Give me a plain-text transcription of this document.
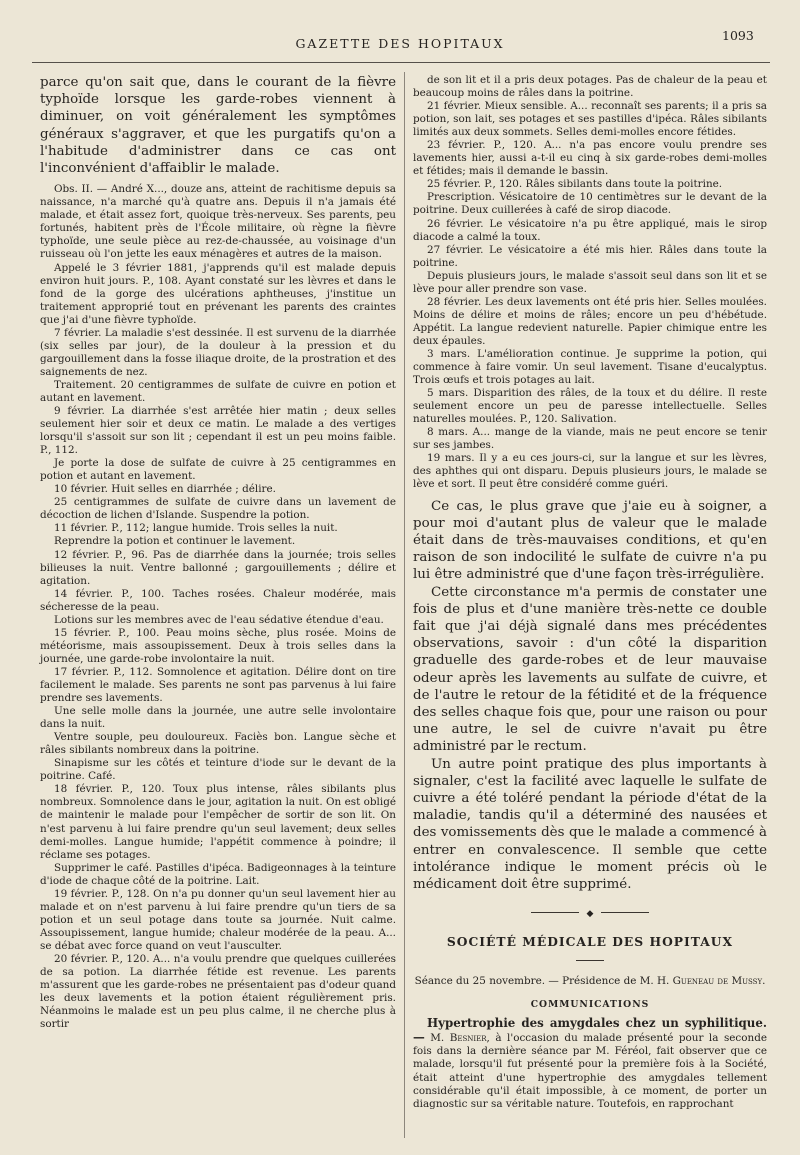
GAZETTE DES HOPITAUX
1093

parce qu'on sait que, dans le courant de la fièvre typhoïde lorsque les garde-robes viennent à diminuer, on voit généralement les symptômes généraux s'aggraver, et que les purgatifs qu'on a l'habitude d'administrer dans ce cas ont l'inconvénient d'affaiblir le malade.

Obs. II. — André X..., douze ans, atteint de rachitisme depuis sa naissance, n'a marché qu'à quatre ans. Depuis il n'a jamais été malade, et était assez fort, quoique très-nerveux. Ses parents, peu fortunés, habitent près de l'École militaire, où règne la fièvre typhoïde, une seule pièce au rez-de-chaussée, au voisinage d'un ruisseau où l'on jette les eaux ménagères et autres de la maison.

Appelé le 3 février 1881, j'apprends qu'il est malade depuis environ huit jours. P., 108. Ayant constaté sur les lèvres et dans le fond de la gorge des ulcérations aphtheuses, j'institue un traitement approprié tout en prévenant les parents des craintes que j'ai d'une fièvre typhoïde.

7 février. La maladie s'est dessinée. Il est survenu de la diarrhée (six selles par jour), de la douleur à la pression et du gargouillement dans la fosse iliaque droite, de la prostration et des saignements de nez.

Traitement. 20 centigrammes de sulfate de cuivre en potion et autant en lavement.

9 février. La diarrhée s'est arrêtée hier matin ; deux selles seulement hier soir et deux ce matin. Le malade a des vertiges lorsqu'il s'assoit sur son lit ; cependant il est un peu moins faible. P., 112.

Je porte la dose de sulfate de cuivre à 25 centigrammes en potion et autant en lavement.

10 février. Huit selles en diarrhée ; délire.

25 centigrammes de sulfate de cuivre dans un lavement de décoction de lichen d'Islande. Suspendre la potion.

11 février. P., 112; langue humide. Trois selles la nuit.

Reprendre la potion et continuer le lavement.

12 février. P., 96. Pas de diarrhée dans la journée; trois selles bilieuses la nuit. Ventre ballonné ; gargouillements ; délire et agitation.

14 février. P., 100. Taches rosées. Chaleur modérée, mais sécheresse de la peau.

Lotions sur les membres avec de l'eau sédative étendue d'eau.

15 février. P., 100. Peau moins sèche, plus rosée. Moins de météorisme, mais assoupissement. Deux à trois selles dans la journée, une garde-robe involontaire la nuit.

17 février. P., 112. Somnolence et agitation. Délire dont on tire facilement le malade. Ses parents ne sont pas parvenus à lui faire prendre ses lavements.

Une selle molle dans la journée, une autre selle involontaire dans la nuit.

Ventre souple, peu douloureux. Faciès bon. Langue sèche et râles sibilants nombreux dans la poitrine.

Sinapisme sur les côtés et teinture d'iode sur le devant de la poitrine. Café.

18 février. P., 120. Toux plus intense, râles sibilants plus nombreux. Somnolence dans le jour, agitation la nuit. On est obligé de maintenir le malade pour l'empêcher de sortir de son lit. On n'est parvenu à lui faire prendre qu'un seul lavement; deux selles demi-molles. Langue humide; l'appétit commence à poindre; il réclame ses potages.

Supprimer le café. Pastilles d'ipéca. Badigeonnages à la teinture d'iode de chaque côté de la poitrine. Lait.

19 février. P., 128. On n'a pu donner qu'un seul lavement hier au malade et on n'est parvenu à lui faire prendre qu'un tiers de sa potion et un seul potage dans toute sa journée. Nuit calme. Assoupissement, langue humide; chaleur modérée de la peau. A... se débat avec force quand on veut l'ausculter.

20 février. P., 120. A... n'a voulu prendre que quelques cuillerées de sa potion. La diarrhée fétide est revenue. Les parents m'assurent que les garde-robes ne présentaient pas d'odeur quand les deux lavements et la potion étaient régulièrement pris. Néanmoins le malade est un peu plus calme, il ne cherche plus à sortir

de son lit et il a pris deux potages. Pas de chaleur de la peau et beaucoup moins de râles dans la poitrine.

21 février. Mieux sensible. A... reconnaît ses parents; il a pris sa potion, son lait, ses potages et ses pastilles d'ipéca. Râles sibilants limités aux deux sommets. Selles demi-molles encore fétides.

23 février. P., 120. A... n'a pas encore voulu prendre ses lavements hier, aussi a-t-il eu cinq à six garde-robes demi-molles et fétides; mais il demande le bassin.

25 février. P., 120. Râles sibilants dans toute la poitrine.

Prescription. Vésicatoire de 10 centimètres sur le devant de la poitrine. Deux cuillerées à café de sirop diacode.

26 février. Le vésicatoire n'a pu être appliqué, mais le sirop diacode a calmé la toux.

27 février. Le vésicatoire a été mis hier. Râles dans toute la poitrine.

Depuis plusieurs jours, le malade s'assoit seul dans son lit et se lève pour aller prendre son vase.

28 février. Les deux lavements ont été pris hier. Selles moulées. Moins de délire et moins de râles; encore un peu d'hébétude. Appétit. La langue redevient naturelle. Papier chimique entre les deux épaules.

3 mars. L'amélioration continue. Je supprime la potion, qui commence à faire vomir. Un seul lavement. Tisane d'eucalyptus. Trois œufs et trois potages au lait.

5 mars. Disparition des râles, de la toux et du délire. Il reste seulement encore un peu de paresse intellectuelle. Selles naturelles moulées. P., 120. Salivation.

8 mars. A... mange de la viande, mais ne peut encore se tenir sur ses jambes.

19 mars. Il y a eu ces jours-ci, sur la langue et sur les lèvres, des aphthes qui ont disparu. Depuis plusieurs jours, le malade se lève et sort. Il peut être considéré comme guéri.

Ce cas, le plus grave que j'aie eu à soigner, a pour moi d'autant plus de valeur que le malade était dans de très-mauvaises conditions, et qu'en raison de son indocilité le sulfate de cuivre n'a pu lui être administré que d'une façon très-irrégulière.

Cette circonstance m'a permis de constater une fois de plus et d'une manière très-nette ce double fait que j'ai déjà signalé dans mes précédentes observations, savoir : d'un côté la disparition graduelle des garde-robes et de leur mauvaise odeur après les lavements au sulfate de cuivre, et de l'autre le retour de la fétidité et de la fréquence des selles chaque fois que, pour une raison ou pour une autre, le sel de cuivre n'avait pu être administré par le rectum.

Un autre point pratique des plus importants à signaler, c'est la facilité avec laquelle le sulfate de cuivre a été toléré pendant la période d'état de la maladie, tandis qu'il a déterminé des nausées et des vomissements dès que le malade a commencé à entrer en convalescence. Il semble que cette intolérance indique le moment précis où le médicament doit être supprimé.

◆
SOCIÉTÉ MÉDICALE DES HOPITAUX
Séance du 25 novembre. — Présidence de M. H. Gueneau de Mussy.
COMMUNICATIONS

Hypertrophie des amygdales chez un syphilitique. — M. Besnier, à l'occasion du malade présenté pour la seconde fois dans la dernière séance par M. Féréol, fait observer que ce malade, lorsqu'il fut présenté pour la première fois à la Société, était atteint d'une hypertrophie des amygdales tellement considérable qu'il était impossible, à ce moment, de porter un diagnostic sur sa véritable nature. Toutefois, en rapprochant
